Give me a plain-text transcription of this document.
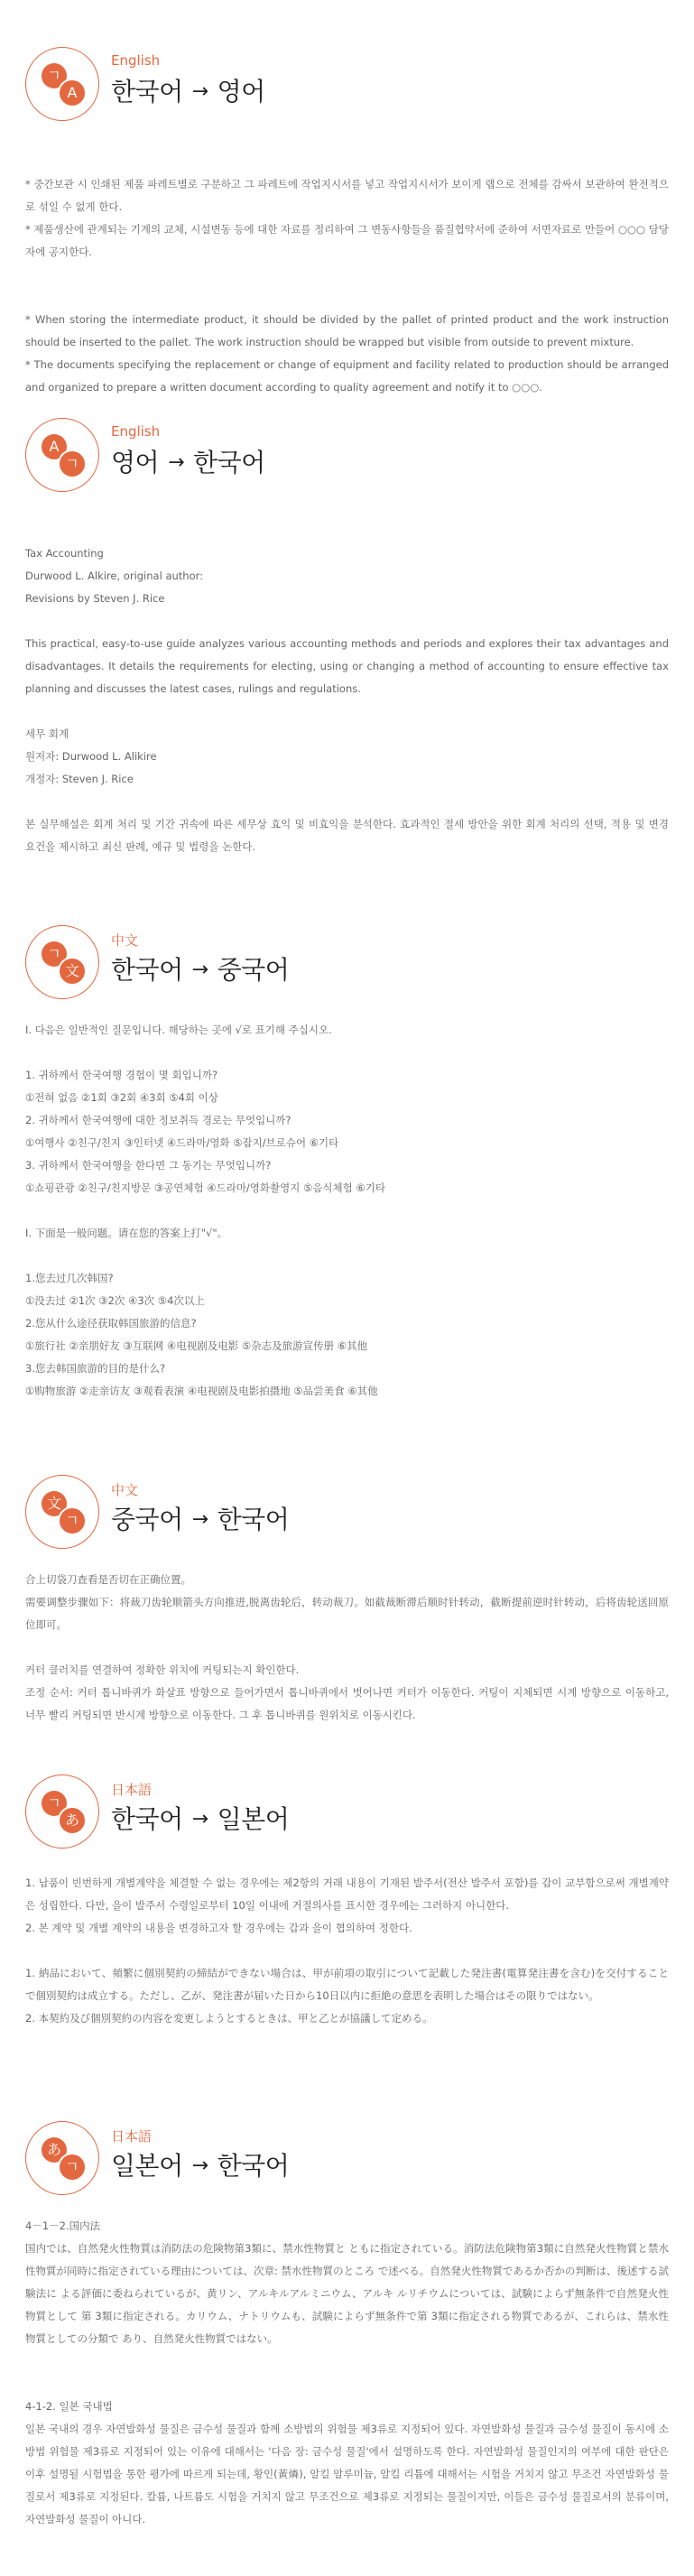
ㄱ
A
English
한국어 → 영어

* 중간보관 시 인쇄된 제품 파레트별로 구분하고 그 파레트에 작업지시서를 넣고 작업지시서가 보이게 랩으로 전체를 감싸서 보관하여 완전적으로 섞일 수 없게 한다.

* 제품생산에 관계되는 기계의 교체, 시설변동 등에 대한 자료를 정리하여 그 변동사항들을 품질협약서에 준하여 서면자료로 만들어 ○○○ 담당자에 공지한다.

* When storing the intermediate product, it should be divided by the pallet of printed product and the work instruction should be inserted to the pallet. The work instruction should be wrapped but visible from outside to prevent mixture.

* The documents specifying the replacement or change of equipment and facility related to production should be arranged and organized to prepare a written document according to quality agreement and notify it to ○○○.

A
ㄱ
English
영어 → 한국어

Tax Accounting

Durwood L. Alkire, original author:

Revisions by Steven J. Rice

This practical, easy-to-use guide analyzes various accounting methods and periods and explores their tax advantages and disadvantages. It details the requirements for electing, using or changing a method of accounting to ensure effective tax planning and discusses the latest cases, rulings and regulations.

세무 회계

원저자: Durwood L. Alikire

개정자: Steven J. Rice

본 실무해설은 회계 처리 및 기간 귀속에 따른 세무상 효익 및 비효익을 분석한다. 효과적인 절세 방안을 위한 회계 처리의 선택, 적용 및 변경 요건을 제시하고 최신 판례, 예규 및 법령을 논한다.

ㄱ
文
中文
한국어 → 중국어

Ⅰ. 다음은 일반적인 질문입니다. 해당하는 곳에 √로 표기해 주십시오.

1. 귀하께서 한국여행 경험이 몇 회입니까?

①전혀 없음 ②1회 ③2회 ④3회 ⑤4회 이상

2. 귀하께서 한국여행에 대한 정보취득 경로는 무엇입니까?

①여행사 ②친구/친지 ③인터넷 ④드라마/영화 ⑤잡지/브로슈어 ⑥기타

3. 귀하께서 한국여행을 한다면 그 동기는 무엇입니까?

①쇼핑관광 ②친구/친지방문 ③공연체험 ④드라마/영화촬영지 ⑤음식체험 ⑥기타

Ⅰ. 下面是一般问题。请在您的答案上打"√"。

1.您去过几次韩国?

①没去过 ②1次 ③2次 ④3次 ⑤4次以上

2.您从什么途径获取韩国旅游的信息?

①旅行社 ②亲朋好友 ③互联网 ④电视剧及电影 ⑤杂志及旅游宣传册 ⑥其他

3.您去韩国旅游的目的是什么?

①购物旅游 ②走亲访友 ③观看表演 ④电视剧及电影拍摄地 ⑤品尝美食 ⑥其他

文
ㄱ
中文
중국어 → 한국어

合上切袋刀查看是否切在正确位置。

需要调整步骤如下：将裁刀齿轮顺箭头方向推进,脱离齿轮后，转动裁刀。如截裁断滞后顺时针转动，截断提前逆时针转动，后将齿轮送回原位即可。

커터 클러치를 연결하여 정확한 위치에 커팅되는지 확인한다.

조정 순서: 커터 톱니바퀴가 화살표 방향으로 들어가면서 톱니바퀴에서 벗어나면 커터가 이동한다. 커팅이 지체되면 시계 방향으로 이동하고, 너무 빨리 커팅되면 반시계 방향으로 이동한다. 그 후 톱니바퀴를 원위치로 이동시킨다.

ㄱ
あ
日本語
한국어 → 일본어

1. 납품이 빈번하게 개별계약을 체결할 수 없는 경우에는 제2항의 거래 내용이 기재된 발주서(전산 발주서 포함)를 갑이 교부함으로써 개별계약은 성립한다. 다만, 을이 발주서 수령일로부터 10일 이내에 거절의사를 표시한 경우에는 그러하지 아니한다.

2. 본 계약 및 개별 계약의 내용을 변경하고자 할 경우에는 갑과 을이 협의하여 정한다.

1. 納品において、頻繁に個別契約の締結ができない場合は、甲が前項の取引について記載した発注書(電算発注書を含む)を交付することで個別契約は成立する。ただし、乙が、発注書が届いた日から10日以内に拒絶の意思を表明した場合はその限りではない。

2. 本契約及び個別契約の内容を変更しようとするときは、甲と乙とが協議して定める。

あ
ㄱ
日本語
일본어 → 한국어

4－1－2.国内法

国内では、自然発火性物質は消防法の危険物第3類に、禁水性物質と ともに指定されている。消防法危険物第3類に自然発火性物質と禁水性物質が同時に指定されている理由については、次章: 禁水性物質のところ で述べる。自然発火性物質であるか否かの判断は、後述する試験法に よる評価に委ねられているが、黄リン、アルキルアルミニウム、アルキ ルリチウムについては、試験によらず無条件で自然発火性物質として 第 3類に指定される。カリウム、ナトリウムも、試験によらず無条件で第 3類に指定される物質であるが、これらは、禁水性物質としての分類で あり、自然発火性物質ではない。

4-1-2. 일본 국내법

일본 국내의 경우 자연발화성 물질은 금수성 물질과 함께 소방법의 위험물 제3류로 지정되어 있다. 자연발화성 물질과 금수성 물질이 동시에 소방법 위험물 제3류로 지정되어 있는 이유에 대해서는 '다음 장: 금수성 물질'에서 설명하도록 한다. 자연발화성 물질인지의 여부에 대한 판단은 이후 설명될 시험법을 통한 평가에 따르게 되는데, 황인(黃燐), 알킬 알루미늄, 알킬 리튬에 대해서는 시험을 거치지 않고 무조건 자연발화성 물질로서 제3류로 지정된다. 칼륨, 나트륨도 시험을 거치지 않고 무조건으로 제3류로 지정되는 물질이지만, 이들은 금수성 물질로서의 분류이며, 자연발화성 물질이 아니다.
